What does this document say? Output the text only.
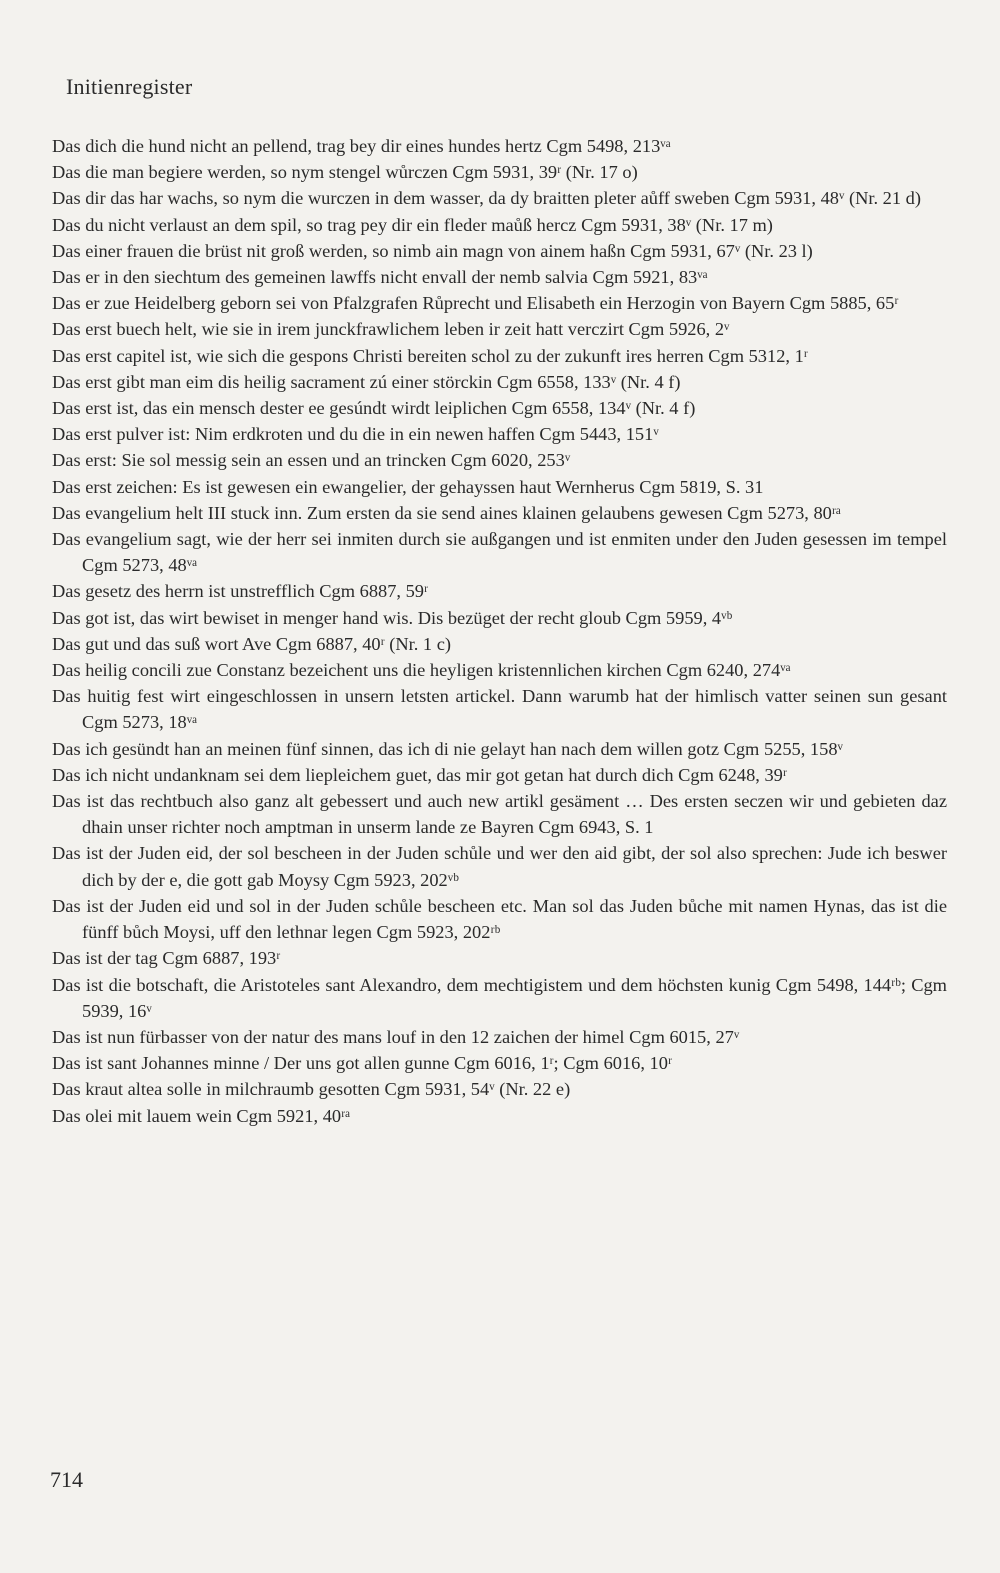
Initienregister
Das dich die hund nicht an pellend, trag bey dir eines hundes hertz Cgm 5498, 213ᵛᵃ
Das die man begiere werden, so nym stengel wůrczen Cgm 5931, 39ʳ (Nr. 17 o)
Das dir das har wachs, so nym die wurczen in dem wasser, da dy braitten pleter aůff sweben Cgm 5931, 48ᵛ (Nr. 21 d)
Das du nicht verlaust an dem spil, so trag pey dir ein fleder maůß hercz Cgm 5931, 38ᵛ (Nr. 17 m)
Das einer frauen die brüst nit groß werden, so nimb ain magn von ainem haßn Cgm 5931, 67ᵛ (Nr. 23 l)
Das er in den siechtum des gemeinen lawffs nicht envall der nemb salvia Cgm 5921, 83ᵛᵃ
Das er zue Heidelberg geborn sei von Pfalzgrafen Růprecht und Elisabeth ein Herzogin von Bayern Cgm 5885, 65ʳ
Das erst buech helt, wie sie in irem junckfrawlichem leben ir zeit hatt verczirt Cgm 5926, 2ᵛ
Das erst capitel ist, wie sich die gespons Christi bereiten schol zu der zukunft ires herren Cgm 5312, 1ʳ
Das erst gibt man eim dis heilig sacrament zú einer störckin Cgm 6558, 133ᵛ (Nr. 4 f)
Das erst ist, das ein mensch dester ee gesúndt wirdt leiplichen Cgm 6558, 134ᵛ (Nr. 4 f)
Das erst pulver ist: Nim erdkroten und du die in ein newen haffen Cgm 5443, 151ᵛ
Das erst: Sie sol messig sein an essen und an trincken Cgm 6020, 253ᵛ
Das erst zeichen: Es ist gewesen ein ewangelier, der gehayssen haut Wernherus Cgm 5819, S. 31
Das evangelium helt III stuck inn. Zum ersten da sie send aines klainen gelaubens gewesen Cgm 5273, 80ʳᵃ
Das evangelium sagt, wie der herr sei inmiten durch sie außgangen und ist enmiten under den Juden gesessen im tempel Cgm 5273, 48ᵛᵃ
Das gesetz des herrn ist unstrefflich Cgm 6887, 59ʳ
Das got ist, das wirt bewiset in menger hand wis. Dis bezüget der recht gloub Cgm 5959, 4ᵛᵇ
Das gut und das suß wort Ave Cgm 6887, 40ʳ (Nr. 1 c)
Das heilig concili zue Constanz bezeichent uns die heyligen kristennlichen kirchen Cgm 6240, 274ᵛᵃ
Das huitig fest wirt eingeschlossen in unsern letsten artickel. Dann warumb hat der himlisch vatter seinen sun gesant Cgm 5273, 18ᵛᵃ
Das ich gesündt han an meinen fünf sinnen, das ich di nie gelayt han nach dem willen gotz Cgm 5255, 158ᵛ
Das ich nicht undanknam sei dem liepleichem guet, das mir got getan hat durch dich Cgm 6248, 39ʳ
Das ist das rechtbuch also ganz alt gebessert und auch new artikl gesäment … Des ersten seczen wir und gebieten daz dhain unser richter noch amptman in unserm lande ze Bayren Cgm 6943, S. 1
Das ist der Juden eid, der sol bescheen in der Juden schůle und wer den aid gibt, der sol also sprechen: Jude ich beswer dich by der e, die gott gab Moysy Cgm 5923, 202ᵛᵇ
Das ist der Juden eid und sol in der Juden schůle bescheen etc. Man sol das Juden bůche mit namen Hynas, das ist die fünff bůch Moysi, uff den lethnar legen Cgm 5923, 202ʳᵇ
Das ist der tag Cgm 6887, 193ʳ
Das ist die botschaft, die Aristoteles sant Alexandro, dem mechtigistem und dem höchsten kunig Cgm 5498, 144ʳᵇ; Cgm 5939, 16ᵛ
Das ist nun fürbasser von der natur des mans louf in den 12 zaichen der himel Cgm 6015, 27ᵛ
Das ist sant Johannes minne / Der uns got allen gunne Cgm 6016, 1ʳ; Cgm 6016, 10ʳ
Das kraut altea solle in milchraumb gesotten Cgm 5931, 54ᵛ (Nr. 22 e)
Das olei mit lauem wein Cgm 5921, 40ʳᵃ
714
